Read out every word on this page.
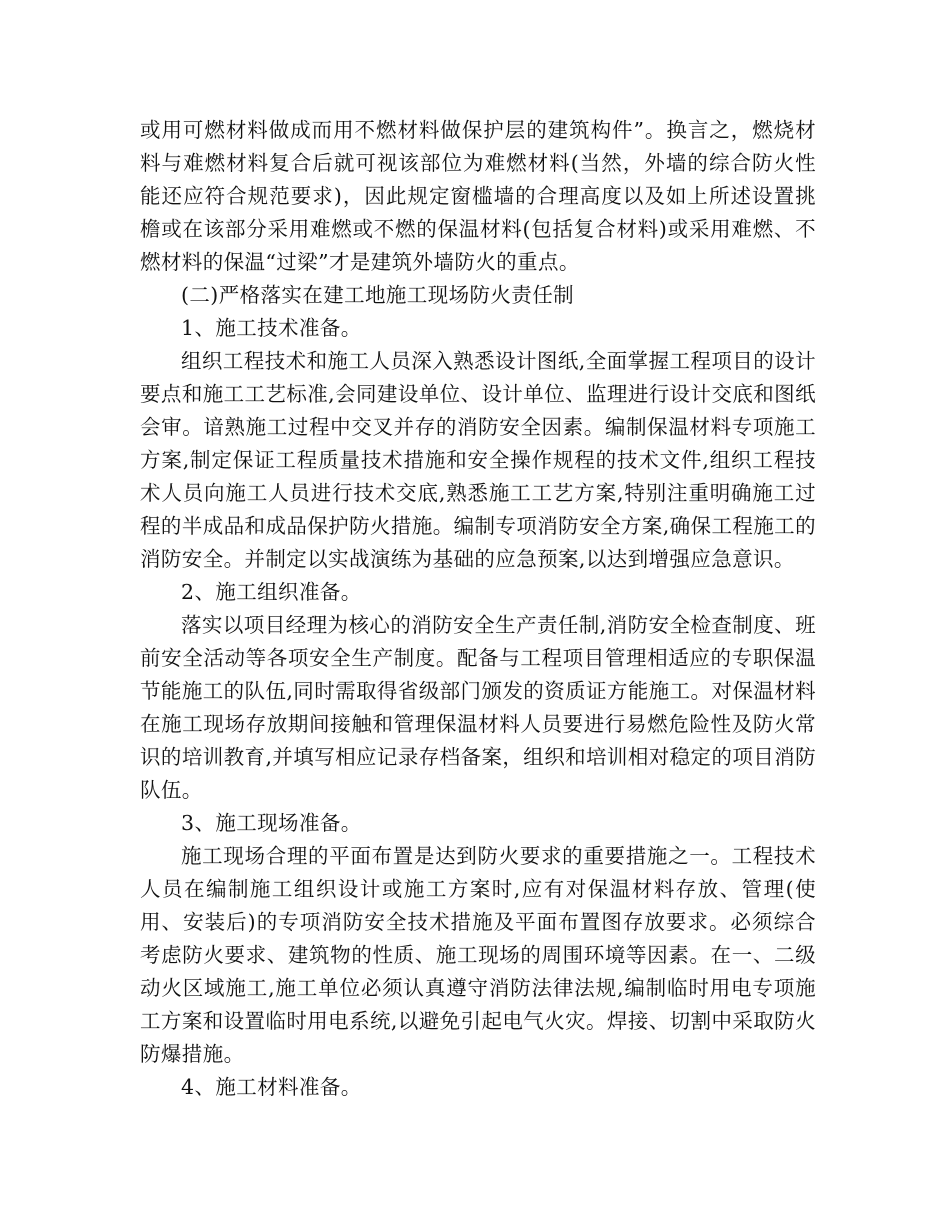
或用可燃材料做成而用不燃材料做保护层的建筑构件”。换言之，燃烧材料与难燃材料复合后就可视该部位为难燃材料(当然，外墙的综合防火性能还应符合规范要求)，因此规定窗槛墙的合理高度以及如上所述设置挑檐或在该部分采用难燃或不燃的保温材料(包括复合材料)或采用难燃、不燃材料的保温“过梁”才是建筑外墙防火的重点。

(二)严格落实在建工地施工现场防火责任制

1、施工技术准备。

组织工程技术和施工人员深入熟悉设计图纸,全面掌握工程项目的设计要点和施工工艺标准,会同建设单位、设计单位、监理进行设计交底和图纸会审。谙熟施工过程中交叉并存的消防安全因素。编制保温材料专项施工方案,制定保证工程质量技术措施和安全操作规程的技术文件,组织工程技术人员向施工人员进行技术交底,熟悉施工工艺方案,特别注重明确施工过程的半成品和成品保护防火措施。编制专项消防安全方案,确保工程施工的消防安全。并制定以实战演练为基础的应急预案,以达到增强应急意识。

2、施工组织准备。

落实以项目经理为核心的消防安全生产责任制,消防安全检查制度、班前安全活动等各项安全生产制度。配备与工程项目管理相适应的专职保温节能施工的队伍,同时需取得省级部门颁发的资质证方能施工。对保温材料在施工现场存放期间接触和管理保温材料人员要进行易燃危险性及防火常识的培训教育,并填写相应记录存档备案，组织和培训相对稳定的项目消防队伍。

3、施工现场准备。

施工现场合理的平面布置是达到防火要求的重要措施之一。工程技术人员在编制施工组织设计或施工方案时,应有对保温材料存放、管理(使用、安装后)的专项消防安全技术措施及平面布置图存放要求。必须综合考虑防火要求、建筑物的性质、施工现场的周围环境等因素。在一、二级动火区域施工,施工单位必须认真遵守消防法律法规,编制临时用电专项施工方案和设置临时用电系统,以避免引起电气火灾。焊接、切割中采取防火防爆措施。

4、施工材料准备。
